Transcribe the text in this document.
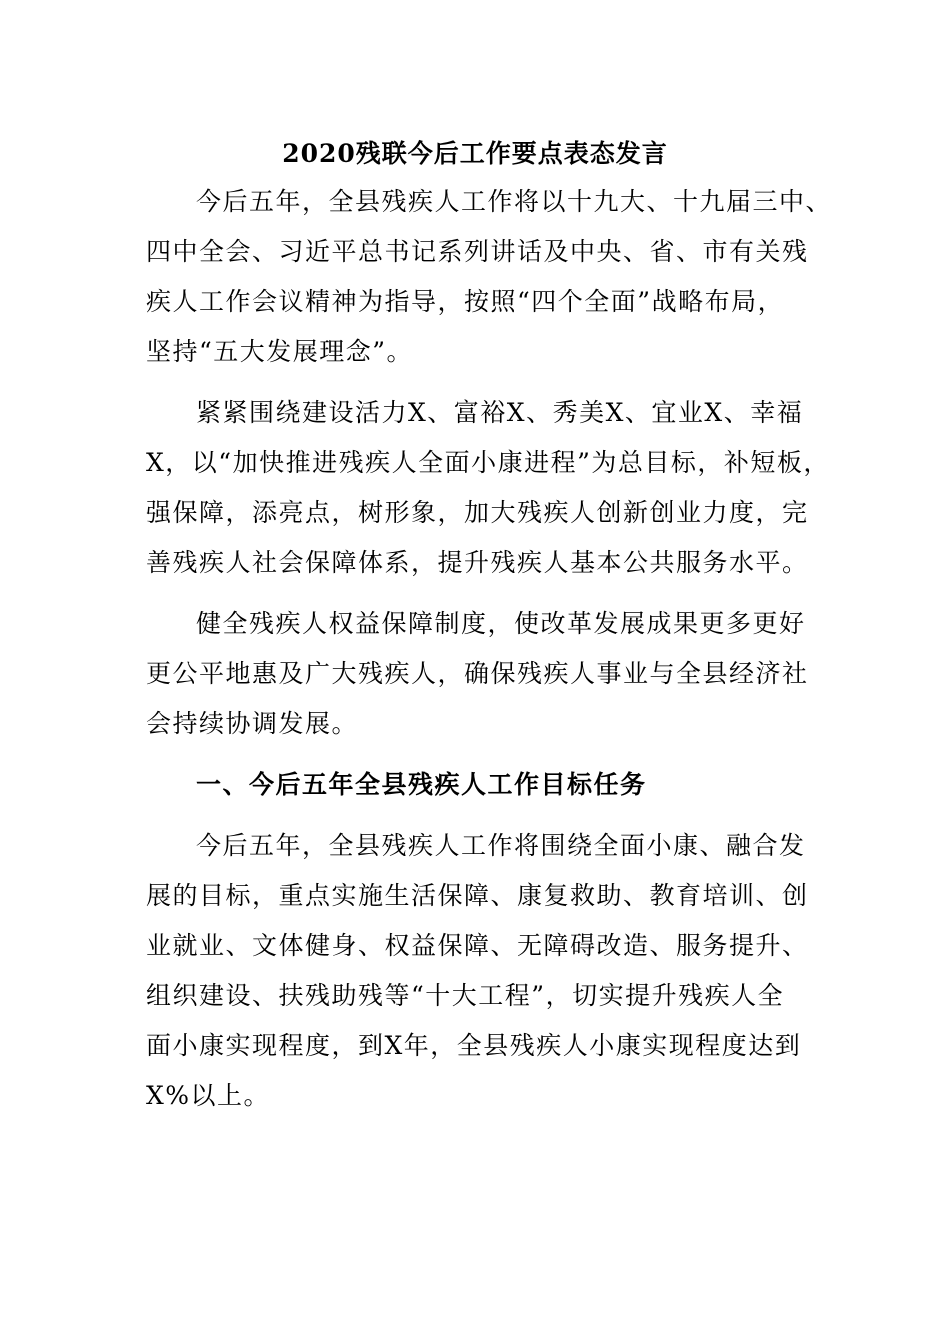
2020残联今后工作要点表态发言
今后五年，全县残疾人工作将以十九大、十九届三中、
四中全会、习近平总书记系列讲话及中央、省、市有关残
疾人工作会议精神为指导，按照“四个全面”战略布局，
坚持“五大发展理念”。
紧紧围绕建设活力X、富裕X、秀美X、宜业X、幸福
X，以“加快推进残疾人全面小康进程”为总目标，补短板，
强保障，添亮点，树形象，加大残疾人创新创业力度，完
善残疾人社会保障体系，提升残疾人基本公共服务水平。
健全残疾人权益保障制度，使改革发展成果更多更好
更公平地惠及广大残疾人，确保残疾人事业与全县经济社
会持续协调发展。
一、今后五年全县残疾人工作目标任务
今后五年，全县残疾人工作将围绕全面小康、融合发
展的目标，重点实施生活保障、康复救助、教育培训、创
业就业、文体健身、权益保障、无障碍改造、服务提升、
组织建设、扶残助残等“十大工程”，切实提升残疾人全
面小康实现程度，到X年，全县残疾人小康实现程度达到
X%以上。
